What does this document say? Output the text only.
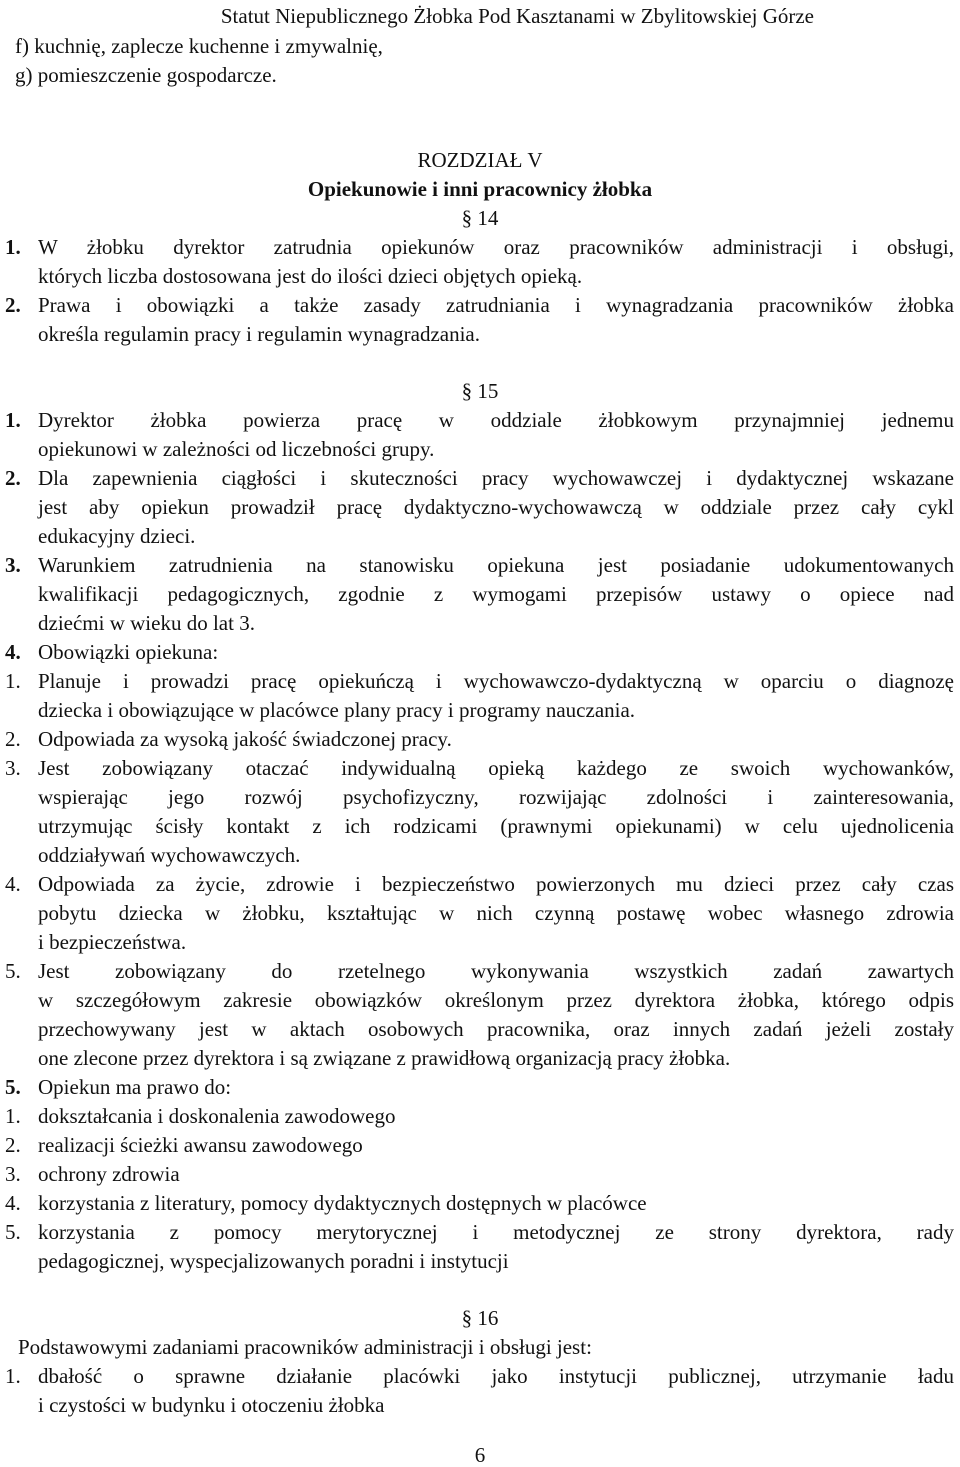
Statut Niepublicznego Żłobka Pod Kasztanami w Zbylitowskiej Górze
f) kuchnię, zaplecze kuchenne i zmywalnię,
g) pomieszczenie gospodarcze.
ROZDZIAŁ V
Opiekunowie i inni pracownicy żłobka
§ 14
1. W żłobku dyrektor zatrudnia opiekunów oraz pracowników administracji i obsługi,
których liczba dostosowana jest do ilości dzieci objętych opieką.
2. Prawa i obowiązki a także zasady zatrudniania i wynagradzania pracowników żłobka
określa regulamin pracy i regulamin wynagradzania.
§ 15
1. Dyrektor żłobka powierza pracę w oddziale żłobkowym przynajmniej jednemu
opiekunowi w zależności od liczebności grupy.
2. Dla zapewnienia ciągłości i skuteczności pracy wychowawczej i dydaktycznej wskazane
jest aby opiekun prowadził pracę dydaktyczno-wychowawczą w oddziale przez cały cykl
edukacyjny dzieci.
3. Warunkiem zatrudnienia na stanowisku opiekuna jest posiadanie udokumentowanych
kwalifikacji pedagogicznych, zgodnie z wymogami przepisów ustawy o opiece nad
dziećmi w wieku do lat 3.
4. Obowiązki opiekuna:
1. Planuje i prowadzi pracę opiekuńczą i wychowawczo-dydaktyczną w oparciu o diagnozę
dziecka i obowiązujące w placówce plany pracy i programy nauczania.
2. Odpowiada za wysoką jakość świadczonej pracy.
3. Jest zobowiązany otaczać indywidualną opieką każdego ze swoich wychowanków,
wspierając jego rozwój psychofizyczny, rozwijając zdolności i zainteresowania,
utrzymując ścisły kontakt z ich rodzicami (prawnymi opiekunami) w celu ujednolicenia
oddziaływań wychowawczych.
4. Odpowiada za życie, zdrowie i bezpieczeństwo powierzonych mu dzieci przez cały czas
pobytu dziecka w żłobku, kształtując w nich czynną postawę wobec własnego zdrowia
i bezpieczeństwa.
5. Jest zobowiązany do rzetelnego wykonywania wszystkich zadań zawartych
w szczegółowym zakresie obowiązków określonym przez dyrektora żłobka, którego odpis
przechowywany jest w aktach osobowych pracownika, oraz innych zadań jeżeli zostały
one zlecone przez dyrektora i są związane z prawidłową organizacją pracy żłobka.
5. Opiekun ma prawo do:
1. dokształcania i doskonalenia zawodowego
2. realizacji ścieżki awansu zawodowego
3. ochrony zdrowia
4. korzystania z literatury, pomocy dydaktycznych dostępnych w placówce
5. korzystania z pomocy merytorycznej i metodycznej ze strony dyrektora, rady
pedagogicznej, wyspecjalizowanych poradni i instytucji
§ 16
Podstawowymi zadaniami pracowników administracji i obsługi jest:
1. dbałość o sprawne działanie placówki jako instytucji publicznej, utrzymanie ładu
i czystości w budynku i otoczeniu żłobka
6
